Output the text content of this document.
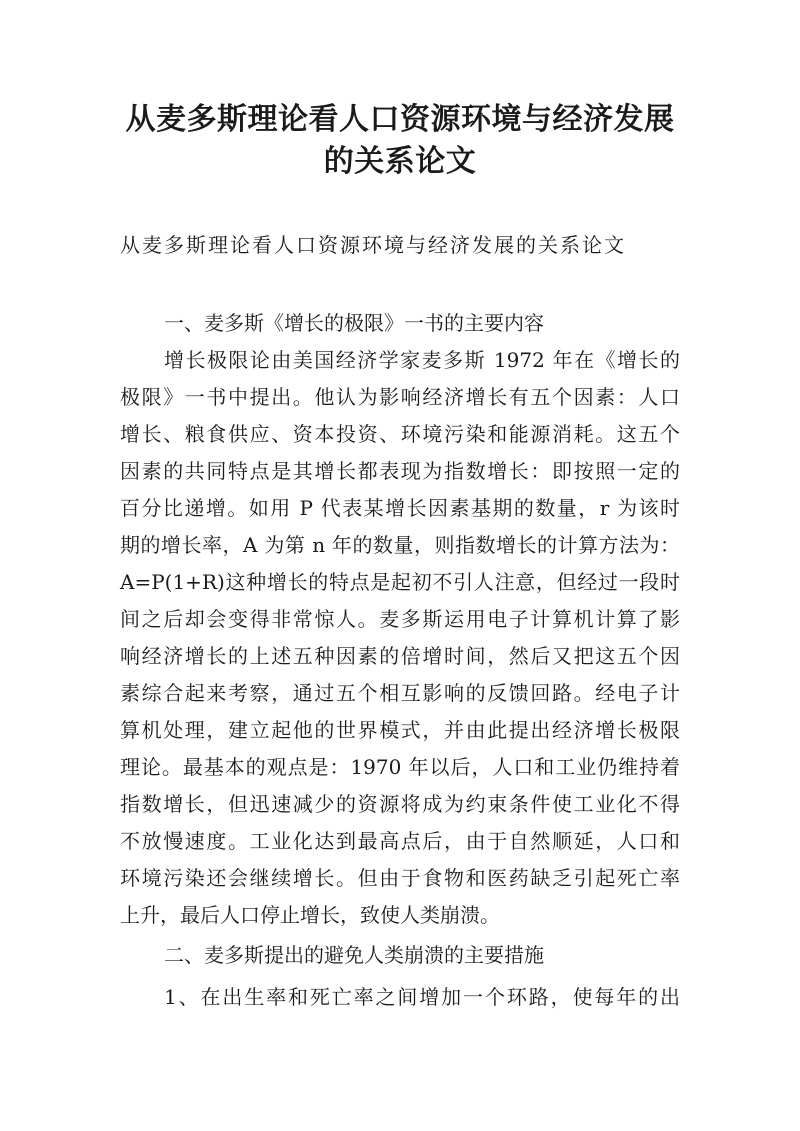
从麦多斯理论看人口资源环境与经济发展
的关系论文

从麦多斯理论看人口资源环境与经济发展的关系论文

一、麦多斯《增长的极限》一书的主要内容

增长极限论由美国经济学家麦多斯 1972 年在《增长的

极限》一书中提出。他认为影响经济增长有五个因素：人口

增长、粮食供应、资本投资、环境污染和能源消耗。这五个

因素的共同特点是其增长都表现为指数增长：即按照一定的

百分比递增。如用 P 代表某增长因素基期的数量，r 为该时

期的增长率，A 为第 n 年的数量，则指数增长的计算方法为：

A=P(1+R)这种增长的特点是起初不引人注意，但经过一段时

间之后却会变得非常惊人。麦多斯运用电子计算机计算了影

响经济增长的上述五种因素的倍增时间，然后又把这五个因

素综合起来考察，通过五个相互影响的反馈回路。经电子计

算机处理，建立起他的世界模式，并由此提出经济增长极限

理论。最基本的观点是：1970 年以后，人口和工业仍维持着

指数增长，但迅速减少的资源将成为约束条件使工业化不得

不放慢速度。工业化达到最高点后，由于自然顺延，人口和

环境污染还会继续增长。但由于食物和医药缺乏引起死亡率

上升，最后人口停止增长，致使人类崩溃。

二、麦多斯提出的避免人类崩溃的主要措施

1、在出生率和死亡率之间增加一个环路，使每年的出
